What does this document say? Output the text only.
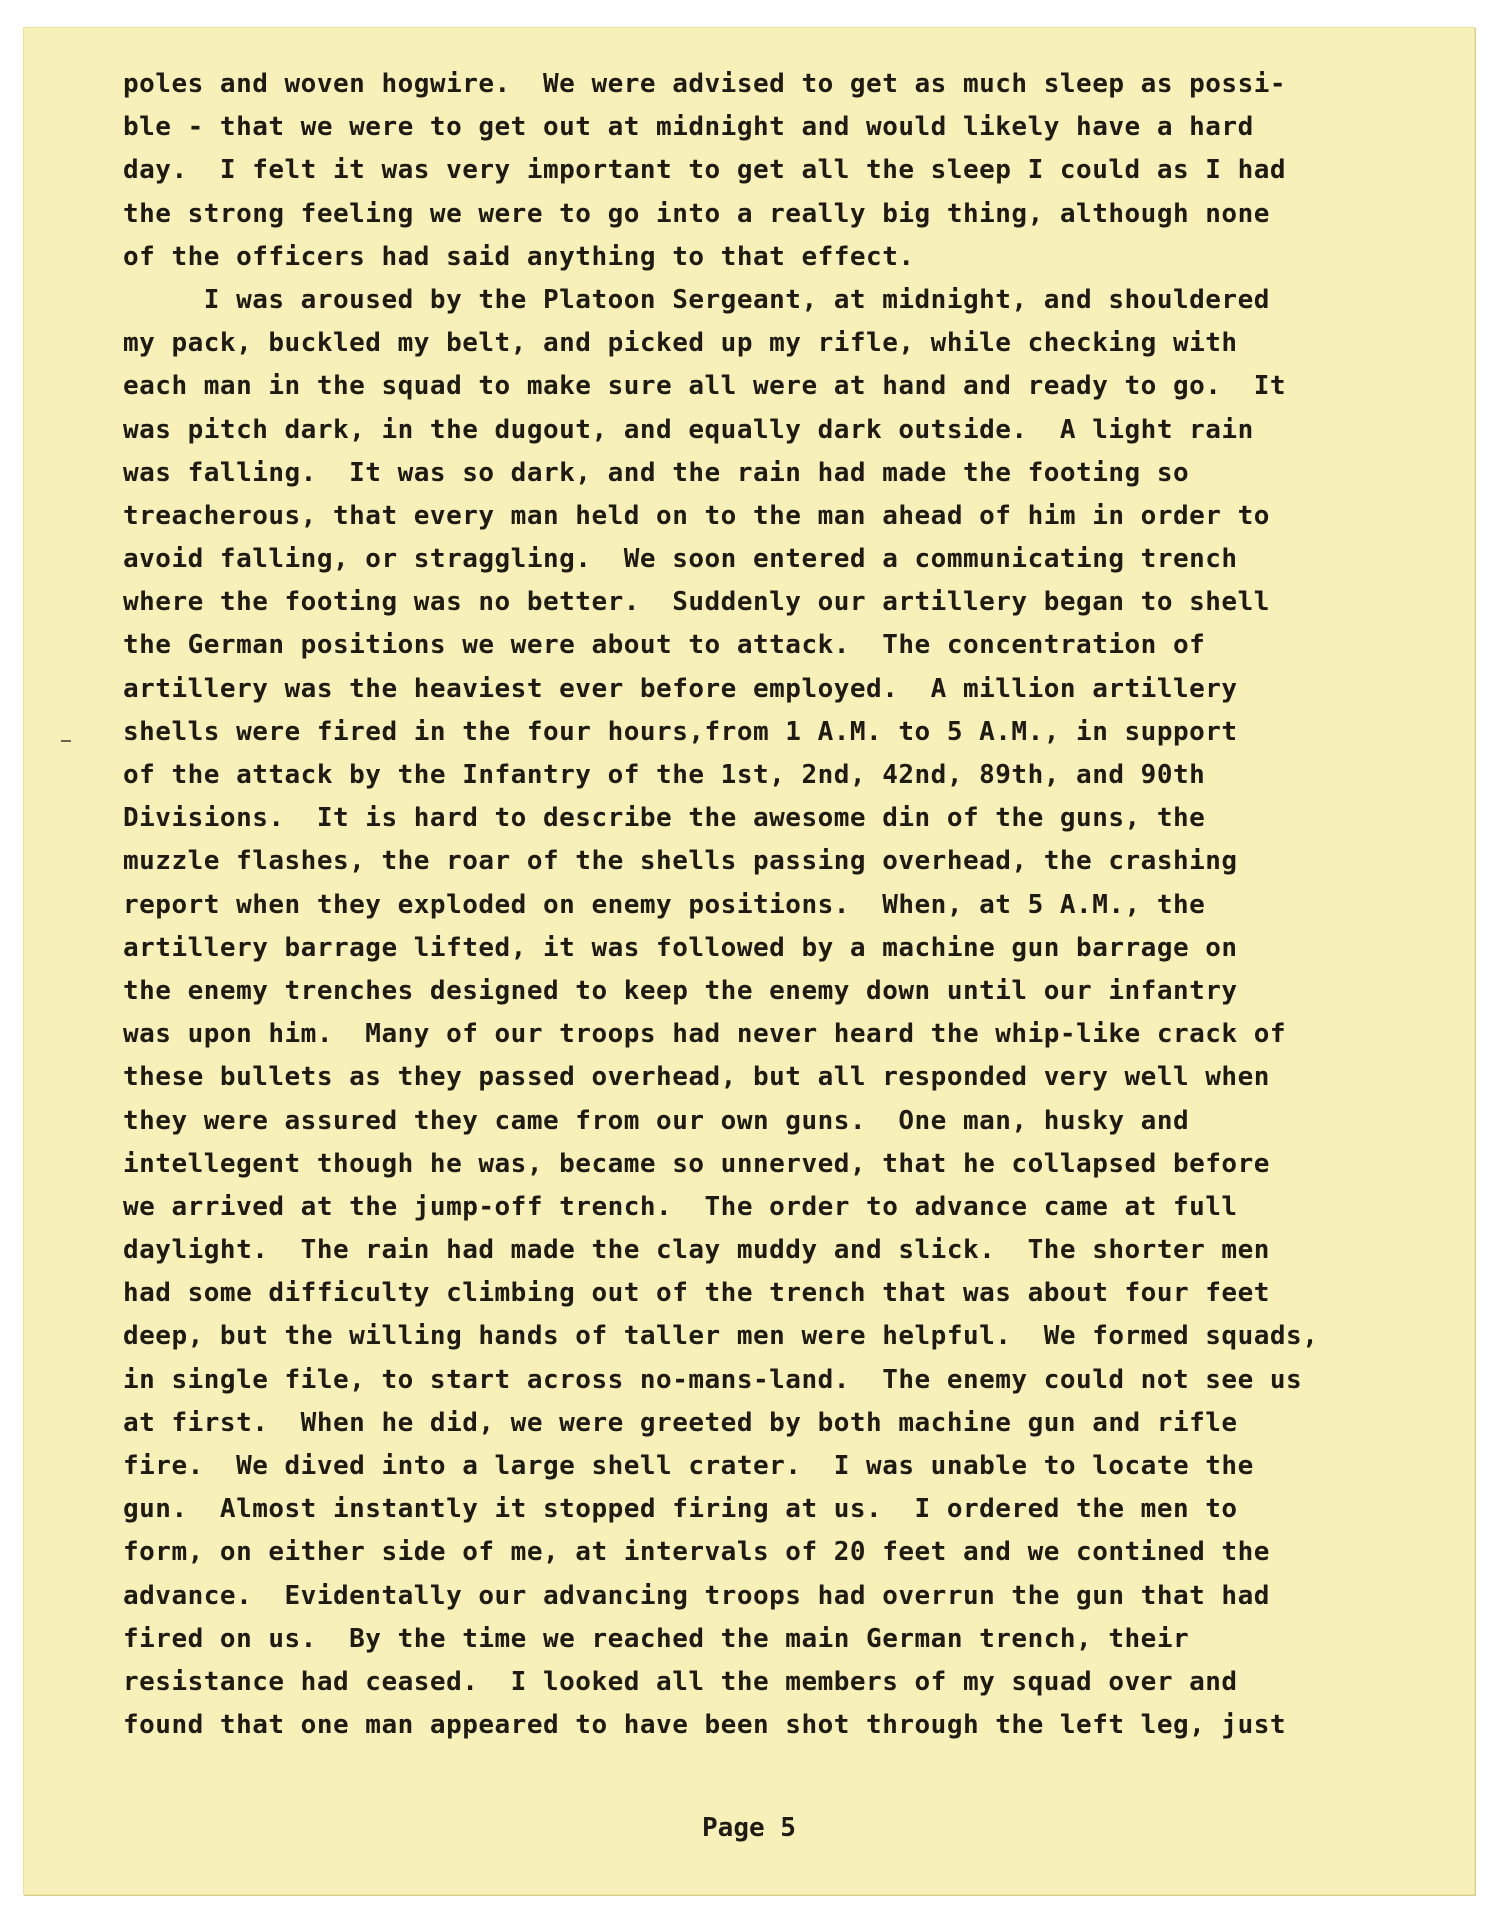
poles and woven hogwire.  We were advised to get as much sleep as possi-
ble - that we were to get out at midnight and would likely have a hard
day.  I felt it was very important to get all the sleep I could as I had
the strong feeling we were to go into a really big thing, although none
of the officers had said anything to that effect.
I was aroused by the Platoon Sergeant, at midnight, and shouldered
my pack, buckled my belt, and picked up my rifle, while checking with
each man in the squad to make sure all were at hand and ready to go.  It
was pitch dark, in the dugout, and equally dark outside.  A light rain
was falling.  It was so dark, and the rain had made the footing so
treacherous, that every man held on to the man ahead of him in order to
avoid falling, or straggling.  We soon entered a communicating trench
where the footing was no better.  Suddenly our artillery began to shell
the German positions we were about to attack.  The concentration of
artillery was the heaviest ever before employed.  A million artillery
shells were fired in the four hours,from 1 A.M. to 5 A.M., in support
of the attack by the Infantry of the 1st, 2nd, 42nd, 89th, and 90th
Divisions.  It is hard to describe the awesome din of the guns, the
muzzle flashes, the roar of the shells passing overhead, the crashing
report when they exploded on enemy positions.  When, at 5 A.M., the
artillery barrage lifted, it was followed by a machine gun barrage on
the enemy trenches designed to keep the enemy down until our infantry
was upon him.  Many of our troops had never heard the whip-like crack of
these bullets as they passed overhead, but all responded very well when
they were assured they came from our own guns.  One man, husky and
intellegent though he was, became so unnerved, that he collapsed before
we arrived at the jump-off trench.  The order to advance came at full
daylight.  The rain had made the clay muddy and slick.  The shorter men
had some difficulty climbing out of the trench that was about four feet
deep, but the willing hands of taller men were helpful.  We formed squads,
in single file, to start across no-mans-land.  The enemy could not see us
at first.  When he did, we were greeted by both machine gun and rifle
fire.  We dived into a large shell crater.  I was unable to locate the
gun.  Almost instantly it stopped firing at us.  I ordered the men to
form, on either side of me, at intervals of 20 feet and we contined the
advance.  Evidentally our advancing troops had overrun the gun that had
fired on us.  By the time we reached the main German trench, their
resistance had ceased.  I looked all the members of my squad over and
found that one man appeared to have been shot through the left leg, just
Page 5
